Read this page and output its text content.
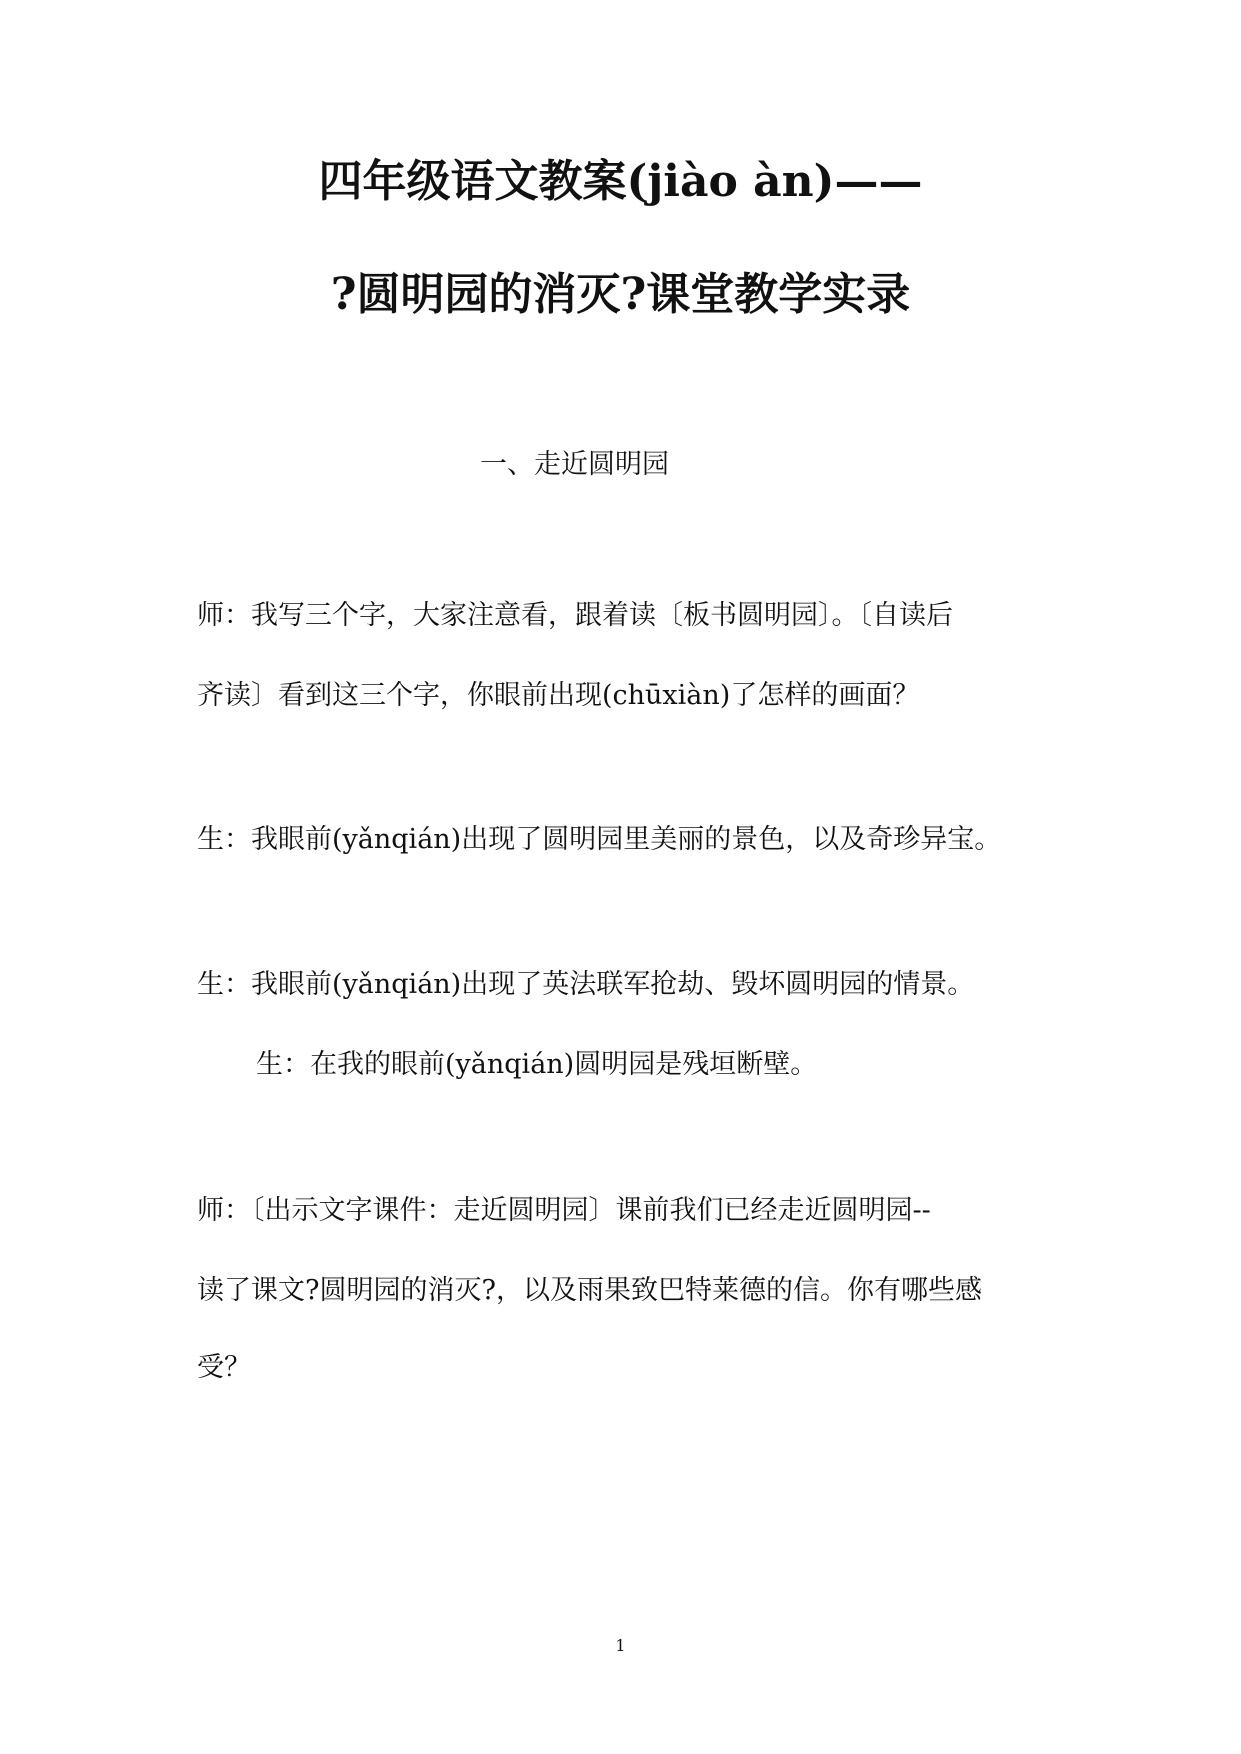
四年级语文教案(jiào àn)——
?圆明园的消灭?课堂教学实录
一、走近圆明园
师：我写三个字，大家注意看，跟着读〔板书圆明园〕。〔自读后
齐读〕看到这三个字，你眼前出现(chūxiàn)了怎样的画面？
生：我眼前(yǎnqián)出现了圆明园里美丽的景色，以及奇珍异宝。
生：我眼前(yǎnqián)出现了英法联军抢劫、毁坏圆明园的情景。
生：在我的眼前(yǎnqián)圆明园是残垣断壁。
师：〔出示文字课件：走近圆明园〕课前我们已经走近圆明园--
读了课文?圆明园的消灭?，以及雨果致巴特莱德的信。你有哪些感
受？
1
